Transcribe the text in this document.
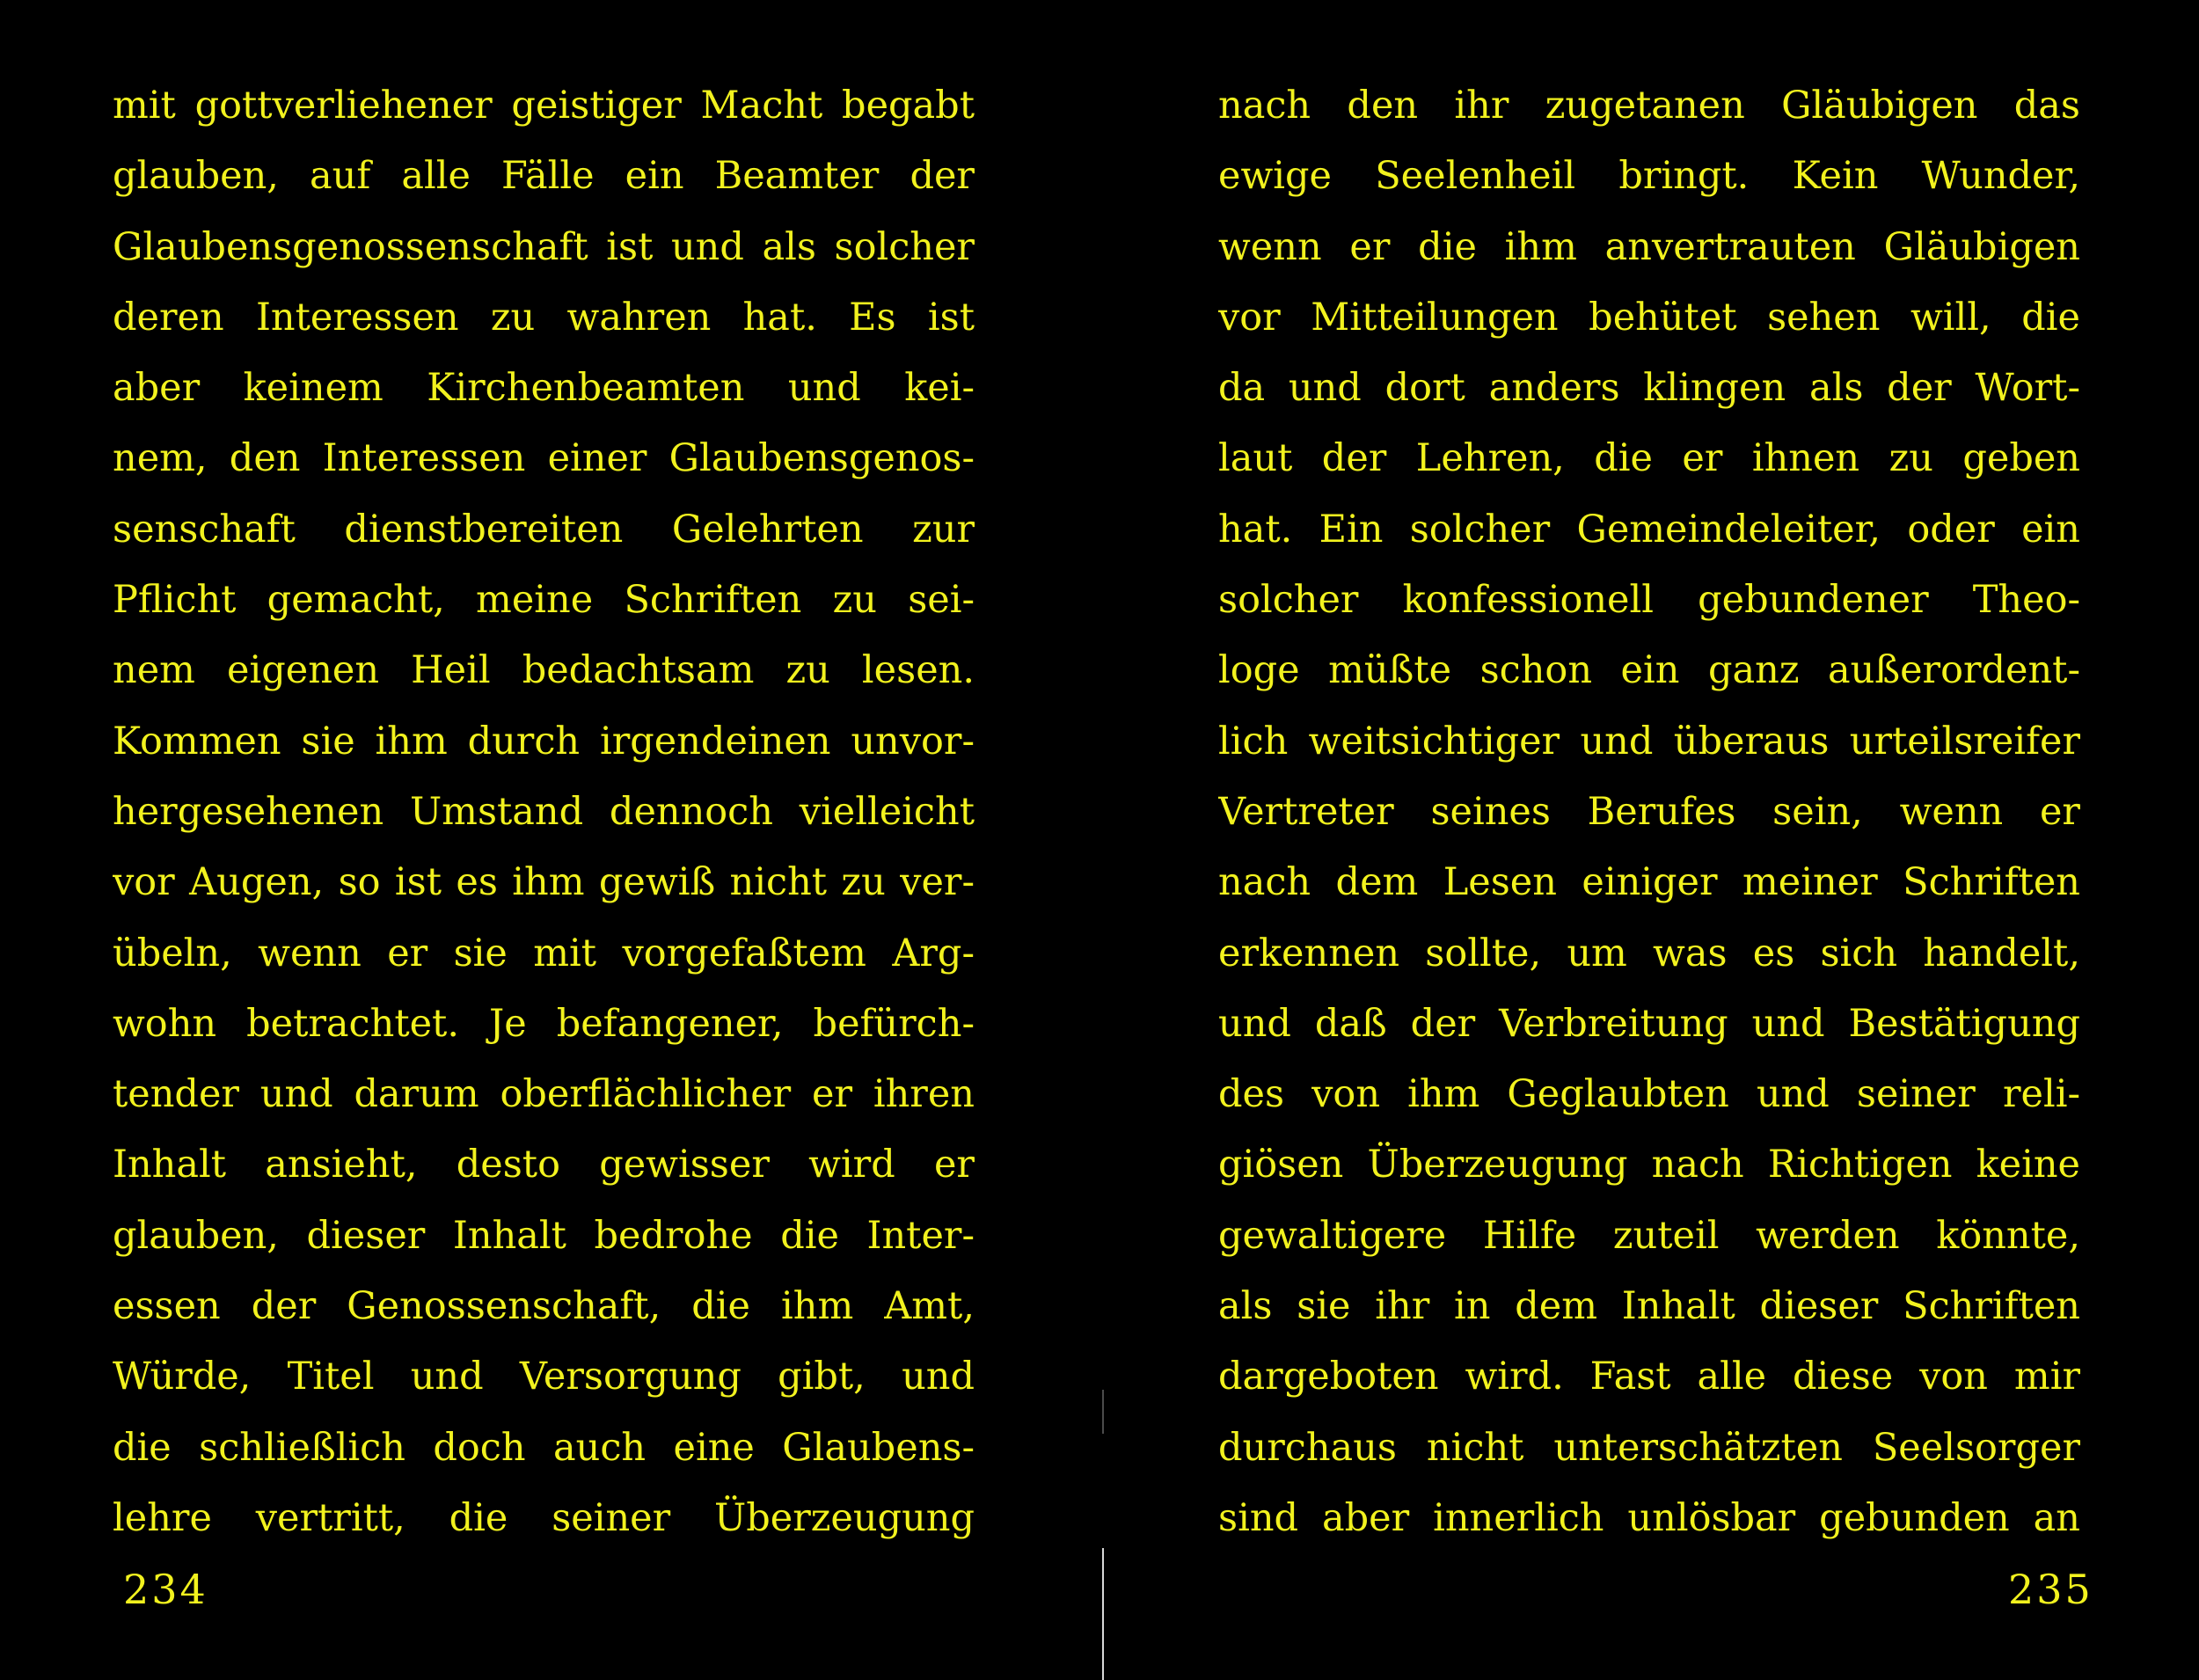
mit gottverliehener geistiger Macht begabt
glauben, auf alle Fälle ein Beamter der
Glaubensgenossenschaft ist und als solcher
deren Interessen zu wahren hat. Es ist
aber keinem Kirchenbeamten und kei-
nem, den Interessen einer Glaubensgenos-
senschaft dienstbereiten Gelehrten zur
Pflicht gemacht, meine Schriften zu sei-
nem eigenen Heil bedachtsam zu lesen.
Kommen sie ihm durch irgendeinen unvor-
hergesehenen Umstand dennoch vielleicht
vor Augen, so ist es ihm gewiß nicht zu ver-
übeln, wenn er sie mit vorgefaßtem Arg-
wohn betrachtet. Je befangener, befürch-
tender und darum oberflächlicher er ihren
Inhalt ansieht, desto gewisser wird er
glauben, dieser Inhalt bedrohe die Inter-
essen der Genossenschaft, die ihm Amt,
Würde, Titel und Versorgung gibt, und
die schließlich doch auch eine Glaubens-
lehre vertritt, die seiner Überzeugung
234
nach den ihr zugetanen Gläubigen das
ewige Seelenheil bringt. Kein Wunder,
wenn er die ihm anvertrauten Gläubigen
vor Mitteilungen behütet sehen will, die
da und dort anders klingen als der Wort-
laut der Lehren, die er ihnen zu geben
hat. Ein solcher Gemeindeleiter, oder ein
solcher konfessionell gebundener Theo-
loge müßte schon ein ganz außerordent-
lich weitsichtiger und überaus urteilsreifer
Vertreter seines Berufes sein, wenn er
nach dem Lesen einiger meiner Schriften
erkennen sollte, um was es sich handelt,
und daß der Verbreitung und Bestätigung
des von ihm Geglaubten und seiner reli-
giösen Überzeugung nach Richtigen keine
gewaltigere Hilfe zuteil werden könnte,
als sie ihr in dem Inhalt dieser Schriften
dargeboten wird. Fast alle diese von mir
durchaus nicht unterschätzten Seelsorger
sind aber innerlich unlösbar gebunden an
235
